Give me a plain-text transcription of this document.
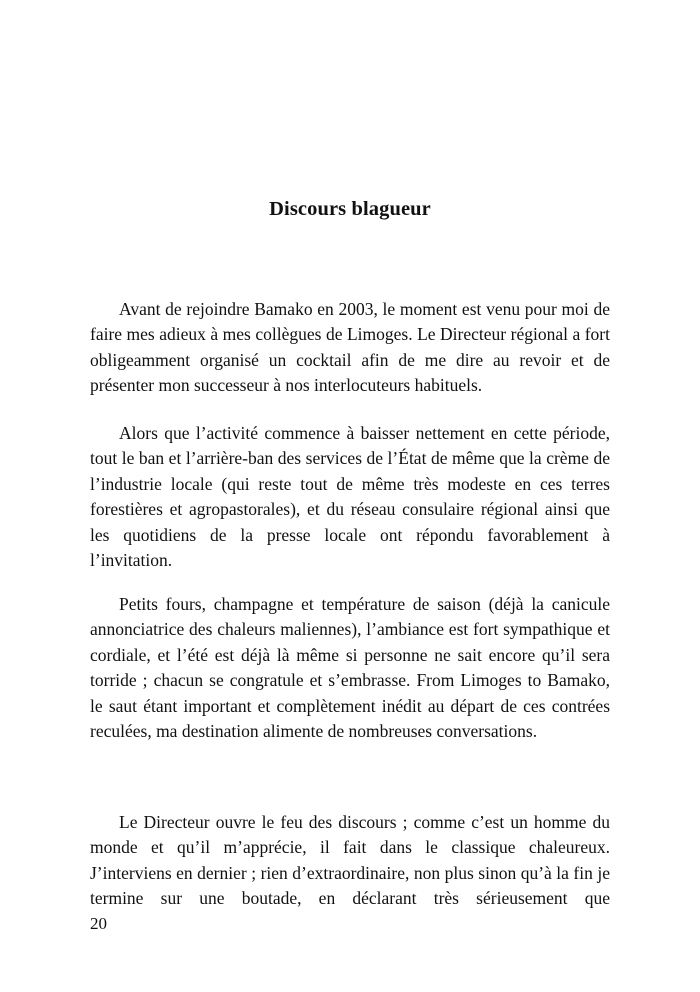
Discours blagueur

Avant de rejoindre Bamako en 2003, le moment est venu pour moi de faire mes adieux à mes collègues de Limoges. Le Directeur régional a fort obligeamment organisé un cocktail afin de me dire au revoir et de présenter mon successeur à nos interlocuteurs habituels.

Alors que l’activité commence à baisser nettement en cette période, tout le ban et l’arrière-ban des services de l’État de même que la crème de l’industrie locale (qui reste tout de même très modeste en ces terres forestières et agropastorales), et du réseau consulaire régional ainsi que les quotidiens de la presse locale ont répondu favorablement à l’invitation.

Petits fours, champagne et température de saison (déjà la canicule annonciatrice des chaleurs maliennes), l’ambiance est fort sympathique et cordiale, et l’été est déjà là même si personne ne sait encore qu’il sera torride ; chacun se congratule et s’embrasse. From Limoges to Bamako, le saut étant important et complètement inédit au départ de ces contrées reculées, ma destination alimente de nombreuses conversations.

Le Directeur ouvre le feu des discours ; comme c’est un homme du monde et qu’il m’apprécie, il fait dans le classique chaleureux. J’interviens en dernier ; rien d’extraordinaire, non plus sinon qu’à la fin je termine sur une boutade, en déclarant très sérieusement que

20
